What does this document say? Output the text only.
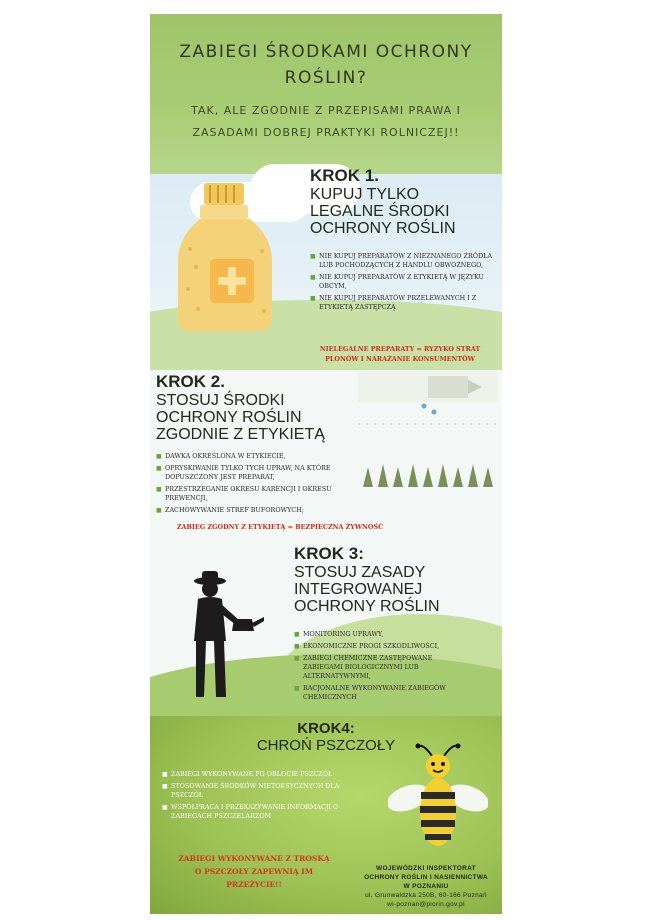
ZABIEGI ŚRODKAMI OCHRONY
ROŚLIN?
TAK, ALE ZGODNIE Z PRZEPISAMI PRAWA I
ZASADAMI DOBREJ PRAKTYKI ROLNICZEJ!!
KROK 1.
KUPUJ TYLKO
LEGALNE ŚRODKI
OCHRONY ROŚLIN
■ NIE KUPUJ PREPARATÓW Z NIEZNANEGO ŹRÓDŁA LUB POCHODZĄCYCH Z HANDLU OBWOŹNEGO,
■ NIE KUPUJ PREPARATÓW Z ETYKIETĄ W JĘZYKU OBCYM,
■ NIE KUPUJ PREPARATÓW PRZELEWANYCH I Z ETYKIETĄ ZASTĘPCZĄ
NIELEGALNE PREPARATY = RYZYKO STRAT
PLONÓW I NARAŻANIE KONSUMENTÓW
KROK 2.
STOSUJ ŚRODKI
OCHRONY ROŚLIN
ZGODNIE Z ETYKIETĄ
■ DAWKA OKREŚLONA W ETYKIECIE,
■ OPRYSKIWANIE TYLKO TYCH UPRAW, NA KTÓRE DOPUSZCZONY JEST PREPARAT,
■ PRZESTRZEGANIE OKRESU KARENCJI I OKRESU PREWENCJI,
■ ZACHOWYWANIE STREF BUFOROWYCH;
ZABIEG ZGODNY Z ETYKIETĄ = BEZPIECZNA ŻYWNOŚĆ
KROK 3:
STOSUJ ZASADY
INTEGROWANEJ
OCHRONY ROŚLIN
■ MONITORING UPRAWY,
■ EKONOMICZNE PROGI SZKODLIWOŚCI,
■ ZABIEGI CHEMICZNE ZASTĘPOWANE ZABIEGAMI BIOLOGICZNYMI LUB ALTERNATYWNYMI,
■ RACJONALNE WYKONYWANIE ZABIEGÓW CHEMICZNYCH
KROK4:
CHROŃ PSZCZOŁY
■ ZABIEGI WYKONYWANE PO OBLOCIE PSZCZÓŁ
■ STOSOWANIE ŚRODKÓW NIETOKSYCZNYCH DLA PSZCZÓŁ
■ WSPÓŁPRACA I PRZEKAZYWANIE INFORMACJI O ZABIEGACH PSZCZELARZOM
ZABIEGI WYKONYWANE Z TROSKĄ
O PSZCZOŁY ZAPEWNIĄ IM
PRZEŻYCIE!!
WOJEWÓDZKI INSPEKTORAT
OCHRONY ROŚLIN I NASIENNICTWA
W POZNANIU
ul. Grunwaldzka 250B, 60-166 Poznań
wi-poznan@piorin.gov.pl
